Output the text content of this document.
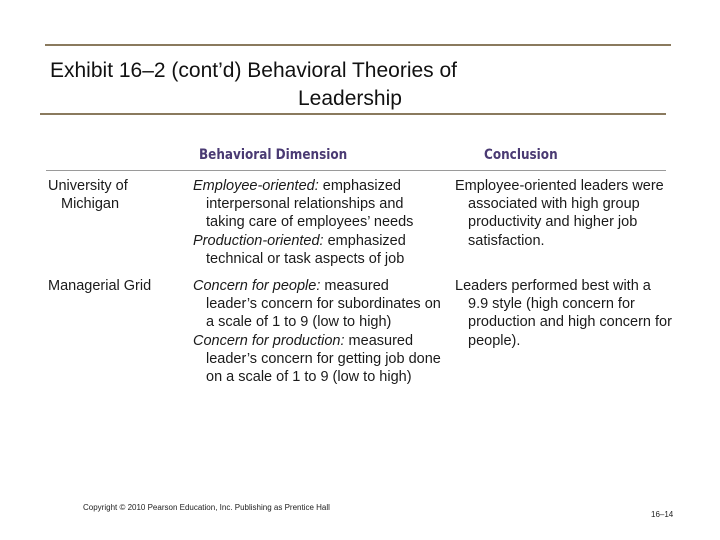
Exhibit 16–2 (cont’d) Behavioral Theories of
Leadership
Behavioral Dimension	Conclusion

University of Michigan

Employee-oriented: emphasized interpersonal relationships and taking care of employees’ needs

Production-oriented: emphasized technical or task aspects of job

Employee-oriented leaders were associated with high group productivity and higher job satisfaction.

Managerial Grid	Concern for people: measured leader’s concern for subordinates on a scale of 1 to 9 (low to high)

Concern for production: measured leader’s concern for getting job done on a scale of 1 to 9 (low to high)

Leaders performed best with a 9.9 style (high concern for production and high concern for people).

Copyright © 2010 Pearson Education, Inc. Publishing as Prentice Hall
16–14
